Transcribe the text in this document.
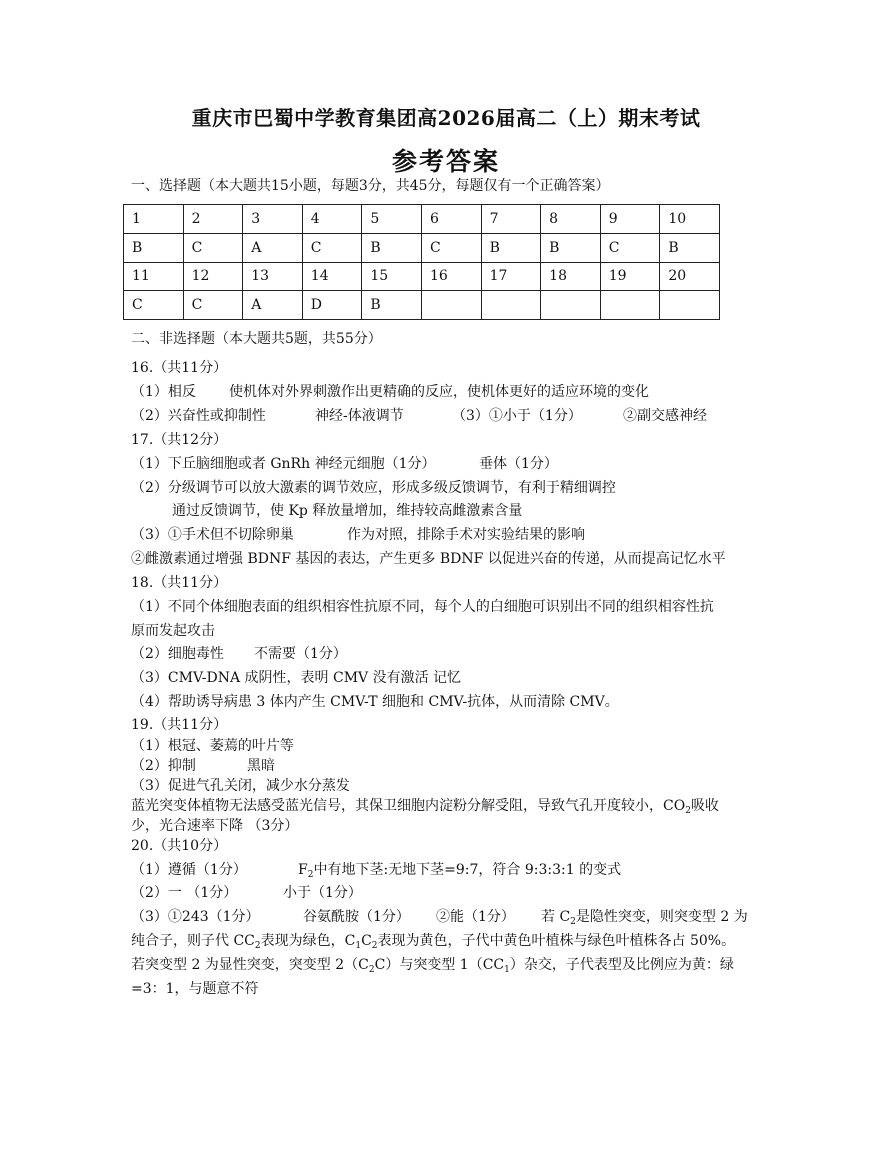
重庆市巴蜀中学教育集团高2026届高二（上）期末考试
参考答案
一、选择题（本大题共15小题，每题3分，共45分，每题仅有一个正确答案）
1	2	3	4	5	6	7	8	9	10
B	C	A	C	B	C	B	B	C	B
11	12	13	14	15	16	17	18	19	20
C	C	A	D	B					
二、非选择题（本大题共5题，共55分）
16.（共11分）
（1）相反 使机体对外界刺激作出更精确的反应，使机体更好的适应环境的变化
（2）兴奋性或抑制性	神经-体液调节	（3）①小于（1分）	②副交感神经
17.（共12分）
（1）下丘脑细胞或者 GnRh 神经元细胞（1分）	垂体（1分）
（2）分级调节可以放大激素的调节效应，形成多级反馈调节，有利于精细调控
通过反馈调节，使 Kp 释放量增加，维持较高雌激素含量
（3）①手术但不切除卵巢	作为对照，排除手术对实验结果的影响
②雌激素通过增强 BDNF 基因的表达，产生更多 BDNF 以促进兴奋的传递，从而提高记忆水平
18.（共11分）
（1）不同个体细胞表面的组织相容性抗原不同，每个人的白细胞可识别出不同的组织相容性抗
原而发起攻击
（2）细胞毒性 不需要（1分）
（3）CMV-DNA 成阴性，表明 CMV 没有激活 记忆
（4）帮助诱导病患 3 体内产生 CMV-T 细胞和 CMV-抗体，从而清除 CMV。
19.（共11分）
（1）根冠、萎蔫的叶片等
（2）抑制	黑暗
（3）促进气孔关闭，减少水分蒸发
蓝光突变体植物无法感受蓝光信号，其保卫细胞内淀粉分解受阻，导致气孔开度较小，$CO_2$吸收
少，光合速率下降 （3分）
20.（共10分）
（1）遵循（1分）	$F_2$中有地下茎:无地下茎=9:7，符合 9:3:3:1 的变式
（2）一 （1分）	小于（1分）
（3）①243（1分）	谷氨酰胺（1分） ②能（1分） 若 $C_2$是隐性突变，则突变型 2 为
纯合子，则子代 $CC_2$表现为绿色，$C_1C_2$表现为黄色，子代中黄色叶植株与绿色叶植株各占 50%。
若突变型 2 为显性突变，突变型 $2(C_2C)$与突变型 $1(CC_1)$杂交，子代表型及比例应为黄：绿
=3：1，与题意不符
